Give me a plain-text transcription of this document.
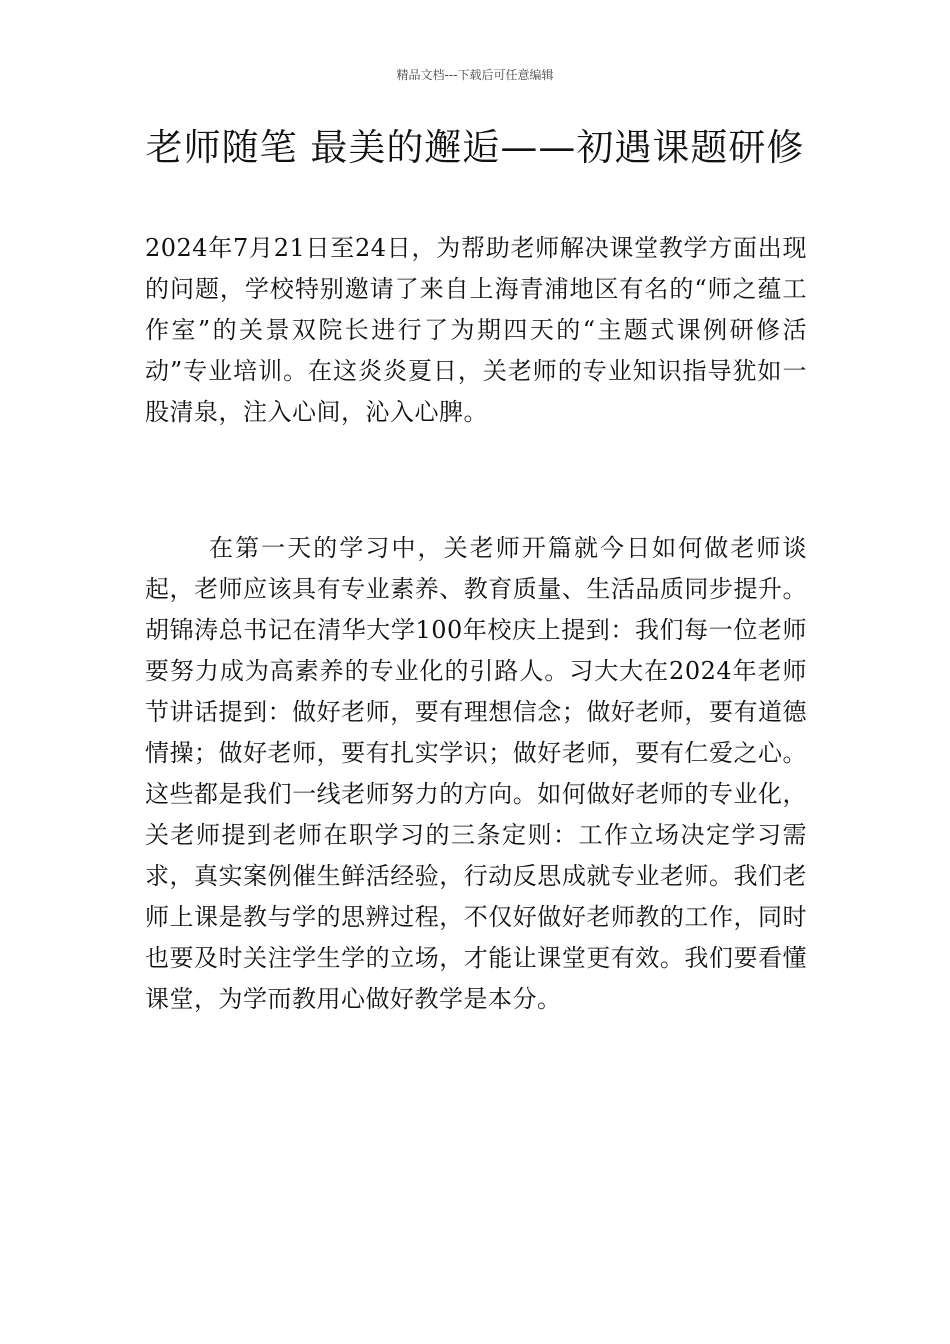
精品文档---下载后可任意编辑
老师随笔 最美的邂逅——初遇课题研修

2024年7月21日至24日，为帮助老师解决课堂教学方面出现的问题，学校特别邀请了来自上海青浦地区有名的“师之蕴工作室”的关景双院长进行了为期四天的“主题式课例研修活动”专业培训。在这炎炎夏日，关老师的专业知识指导犹如一股清泉，注入心间，沁入心脾。

在第一天的学习中，关老师开篇就今日如何做老师谈起，老师应该具有专业素养、教育质量、生活品质同步提升。胡锦涛总书记在清华大学100年校庆上提到：我们每一位老师要努力成为高素养的专业化的引路人。习大大在2024年老师节讲话提到：做好老师，要有理想信念；做好老师，要有道德情操；做好老师，要有扎实学识；做好老师，要有仁爱之心。这些都是我们一线老师努力的方向。如何做好老师的专业化，关老师提到老师在职学习的三条定则：工作立场决定学习需求，真实案例催生鲜活经验，行动反思成就专业老师。我们老师上课是教与学的思辨过程，不仅好做好老师教的工作，同时也要及时关注学生学的立场，才能让课堂更有效。我们要看懂课堂，为学而教用心做好教学是本分。
